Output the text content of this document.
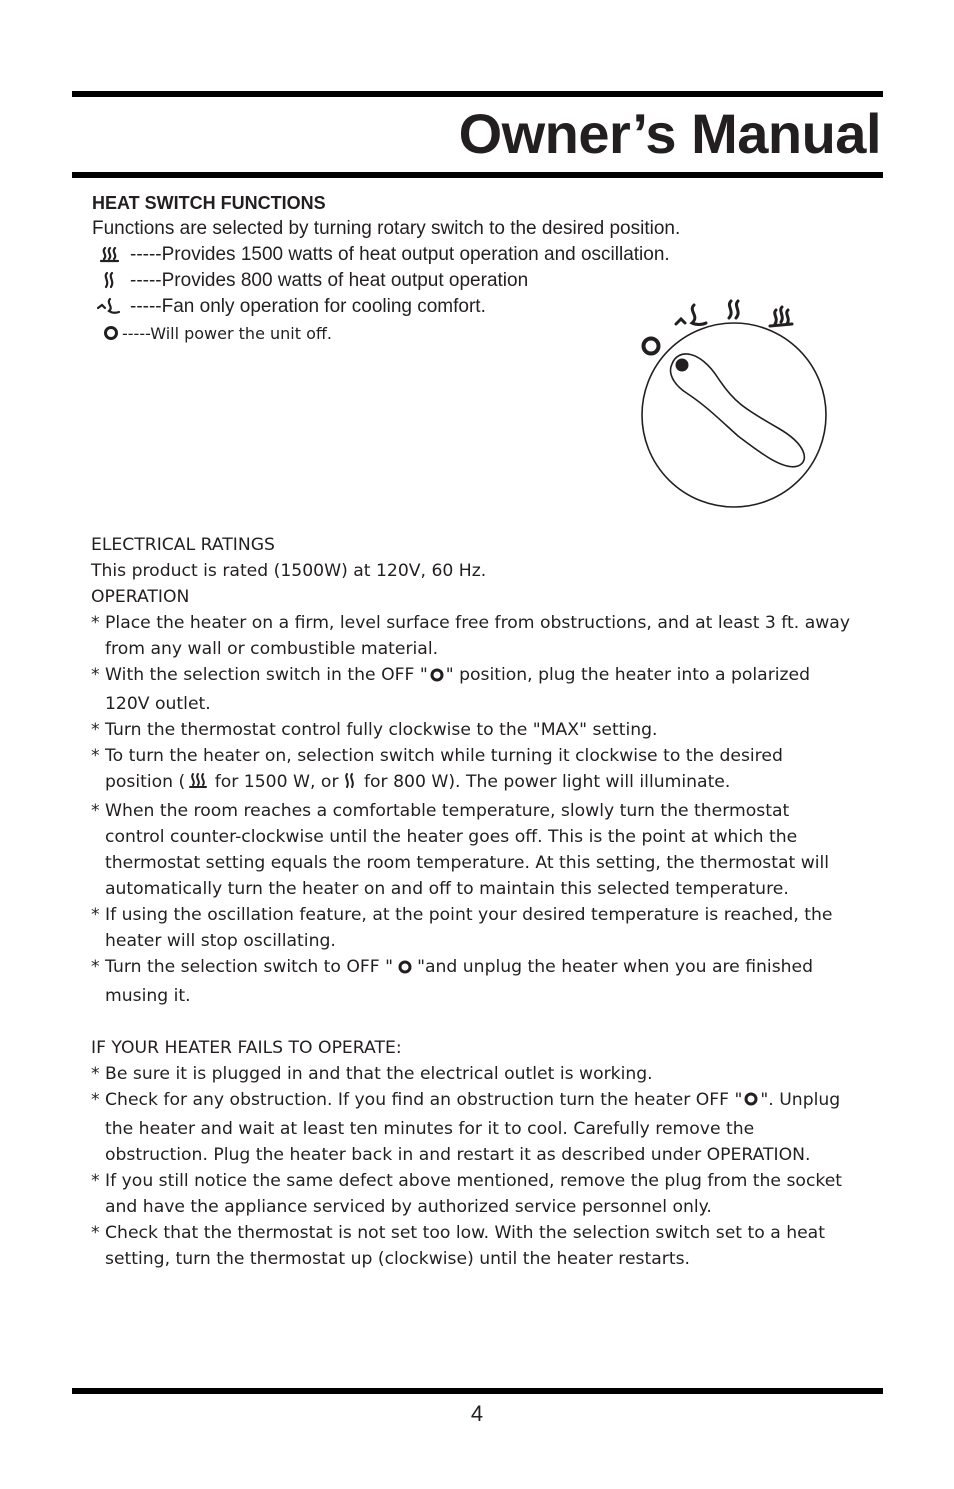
Owner’s Manual
HEAT SWITCH FUNCTIONS

Functions are selected by turning rotary switch to the desired position.

-----Provides 1500 watts of heat output operation and oscillation.
-----Provides 800 watts of heat output operation
-----Fan only operation for cooling comfort.
-----Will power the unit off.

ELECTRICAL RATINGS

This product is rated (1500W) at 120V, 60 Hz.

OPERATION

* Place the heater on a firm, level surface free from obstructions, and at least 3 ft. away from any wall or combustible material.

* With the selection switch in the OFF " " position, plug the heater into a polarized 120V outlet.

* Turn the thermostat control fully clockwise to the "MAX" setting.

* To turn the heater on, selection switch while turning it clockwise to the desired position ( for 1500 W, or for 800 W). The power light will illuminate.

* When the room reaches a comfortable temperature, slowly turn the thermostat control counter-clockwise until the heater goes off. This is the point at which the thermostat setting equals the room temperature. At this setting, the thermostat will automatically turn the heater on and off to maintain this selected temperature.

* If using the oscillation feature, at the point your desired temperature is reached, the heater will stop oscillating.

* Turn the selection switch to OFF " "and unplug the heater when you are finished musing it.

IF YOUR HEATER FAILS TO OPERATE:

* Be sure it is plugged in and that the electrical outlet is working.

* Check for any obstruction. If you find an obstruction turn the heater OFF " ". Unplug the heater and wait at least ten minutes for it to cool. Carefully remove the obstruction. Plug the heater back in and restart it as described under OPERATION.

* If you still notice the same defect above mentioned, remove the plug from the socket and have the appliance serviced by authorized service personnel only.

* Check that the thermostat is not set too low. With the selection switch set to a heat setting, turn the thermostat up (clockwise) until the heater restarts.

4
